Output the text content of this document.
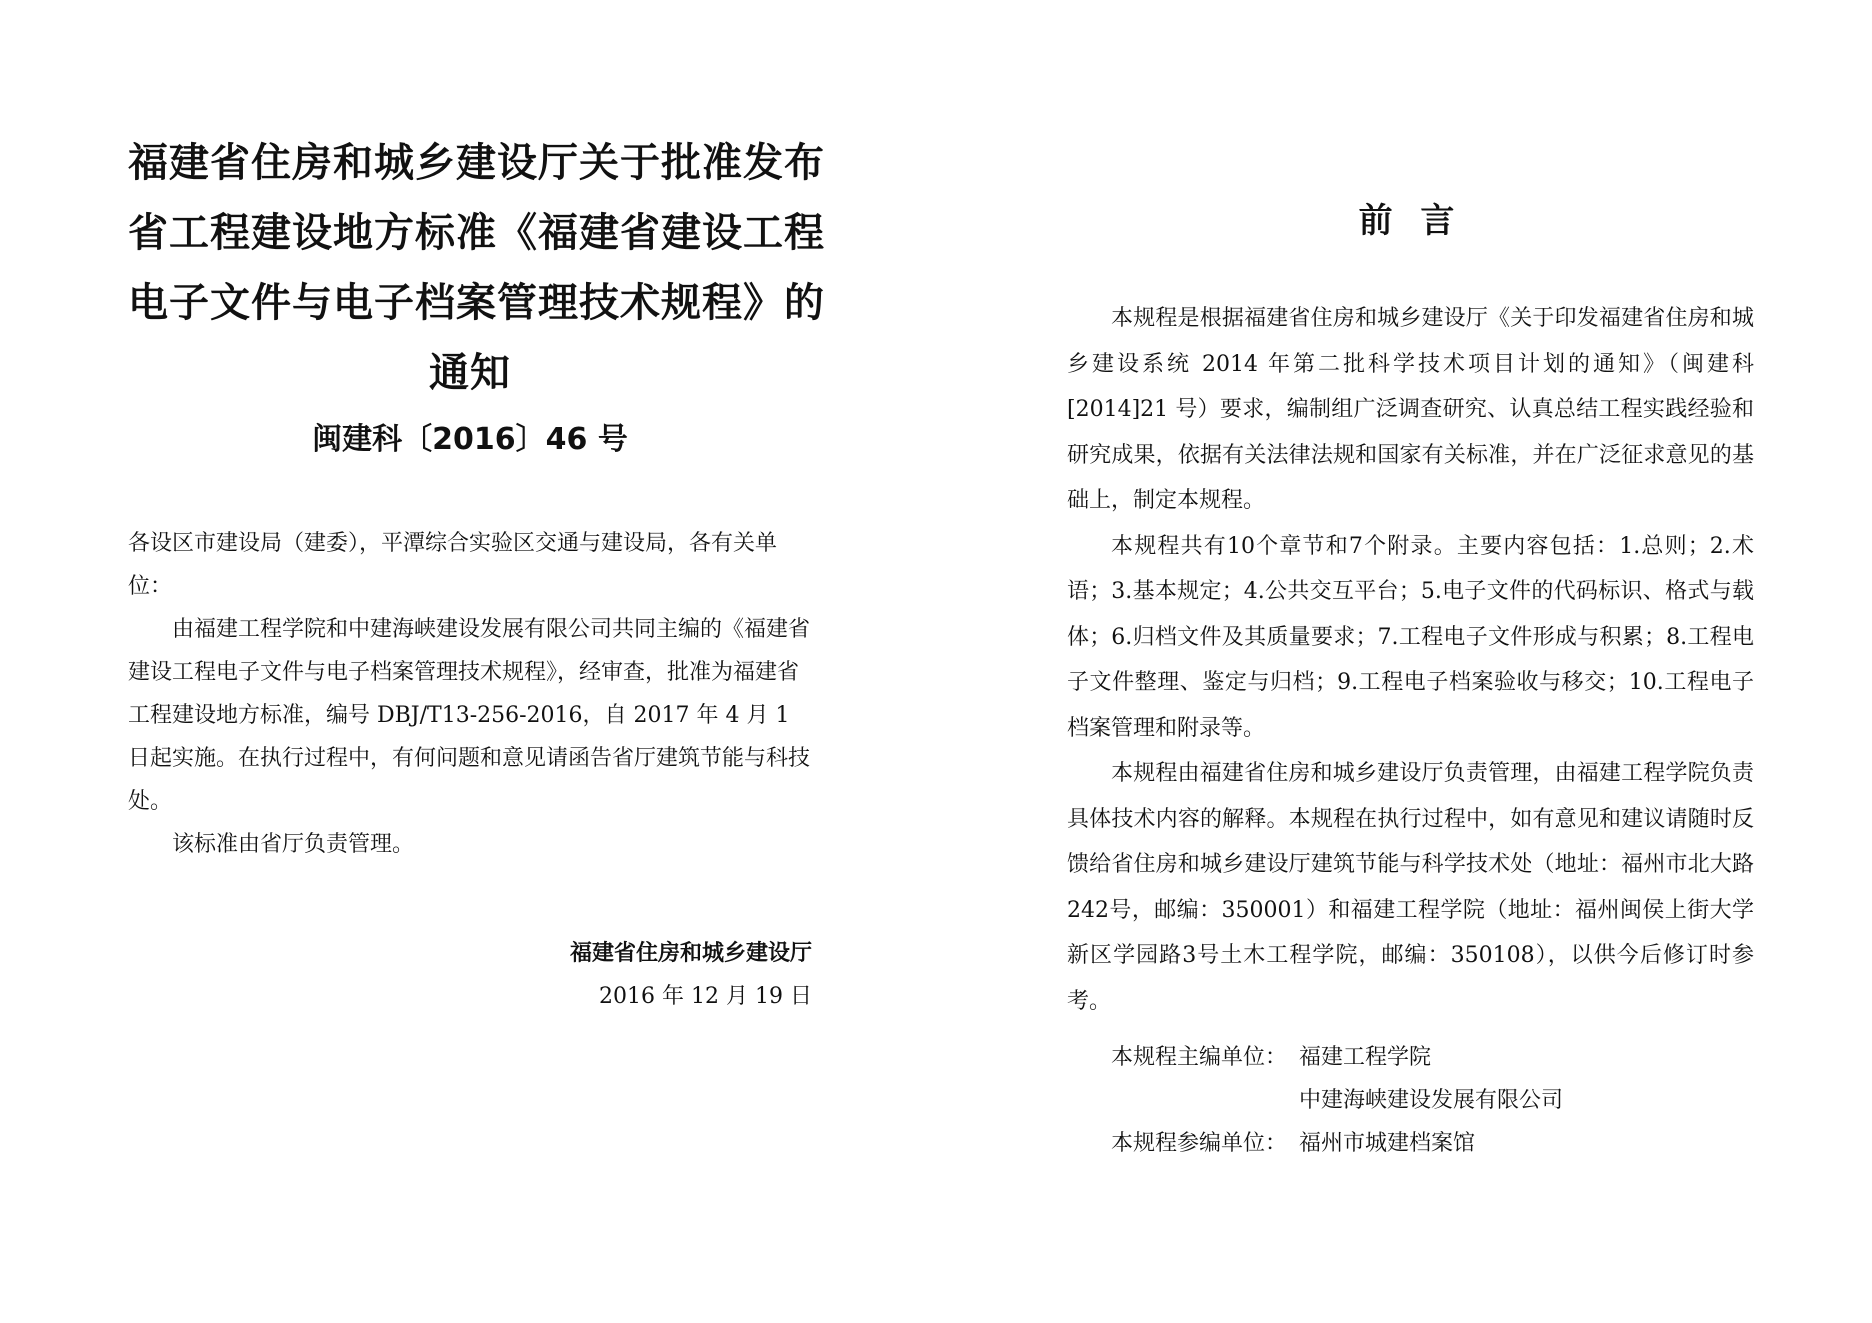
福建省住房和城乡建设厅关于批准发布
省工程建设地方标准《福建省建设工程
电子文件与电子档案管理技术规程》的
通知
闽建科〔2016〕46 号

各设区市建设局（建委），平潭综合实验区交通与建设局，各有关单位：

由福建工程学院和中建海峡建设发展有限公司共同主编的《福建省建设工程电子文件与电子档案管理技术规程》，经审查，批准为福建省工程建设地方标准，编号 DBJ/T13-256-2016，自 2017 年 4 月 1 日起实施。在执行过程中，有何问题和意见请函告省厅建筑节能与科技处。

该标准由省厅负责管理。

福建省住房和城乡建设厅
2016 年 12 月 19 日
前 言

本规程是根据福建省住房和城乡建设厅《关于印发福建省住房和城乡建设系统 2014 年第二批科学技术项目计划的通知》（闽建科[2014]21 号）要求，编制组广泛调查研究、认真总结工程实践经验和研究成果，依据有关法律法规和国家有关标准，并在广泛征求意见的基础上，制定本规程。

本规程共有10个章节和7个附录。主要内容包括：1.总则；2.术语；3.基本规定；4.公共交互平台；5.电子文件的代码标识、格式与载体；6.归档文件及其质量要求；7.工程电子文件形成与积累；8.工程电子文件整理、鉴定与归档；9.工程电子档案验收与移交；10.工程电子档案管理和附录等。

本规程由福建省住房和城乡建设厅负责管理，由福建工程学院负责具体技术内容的解释。本规程在执行过程中，如有意见和建议请随时反馈给省住房和城乡建设厅建筑节能与科学技术处（地址：福州市北大路242号，邮编：350001）和福建工程学院（地址：福州闽侯上街大学新区学园路3号土木工程学院，邮编：350108），以供今后修订时参考。

本规程主编单位： 福建工程学院
中建海峡建设发展有限公司
本规程参编单位： 福州市城建档案馆
